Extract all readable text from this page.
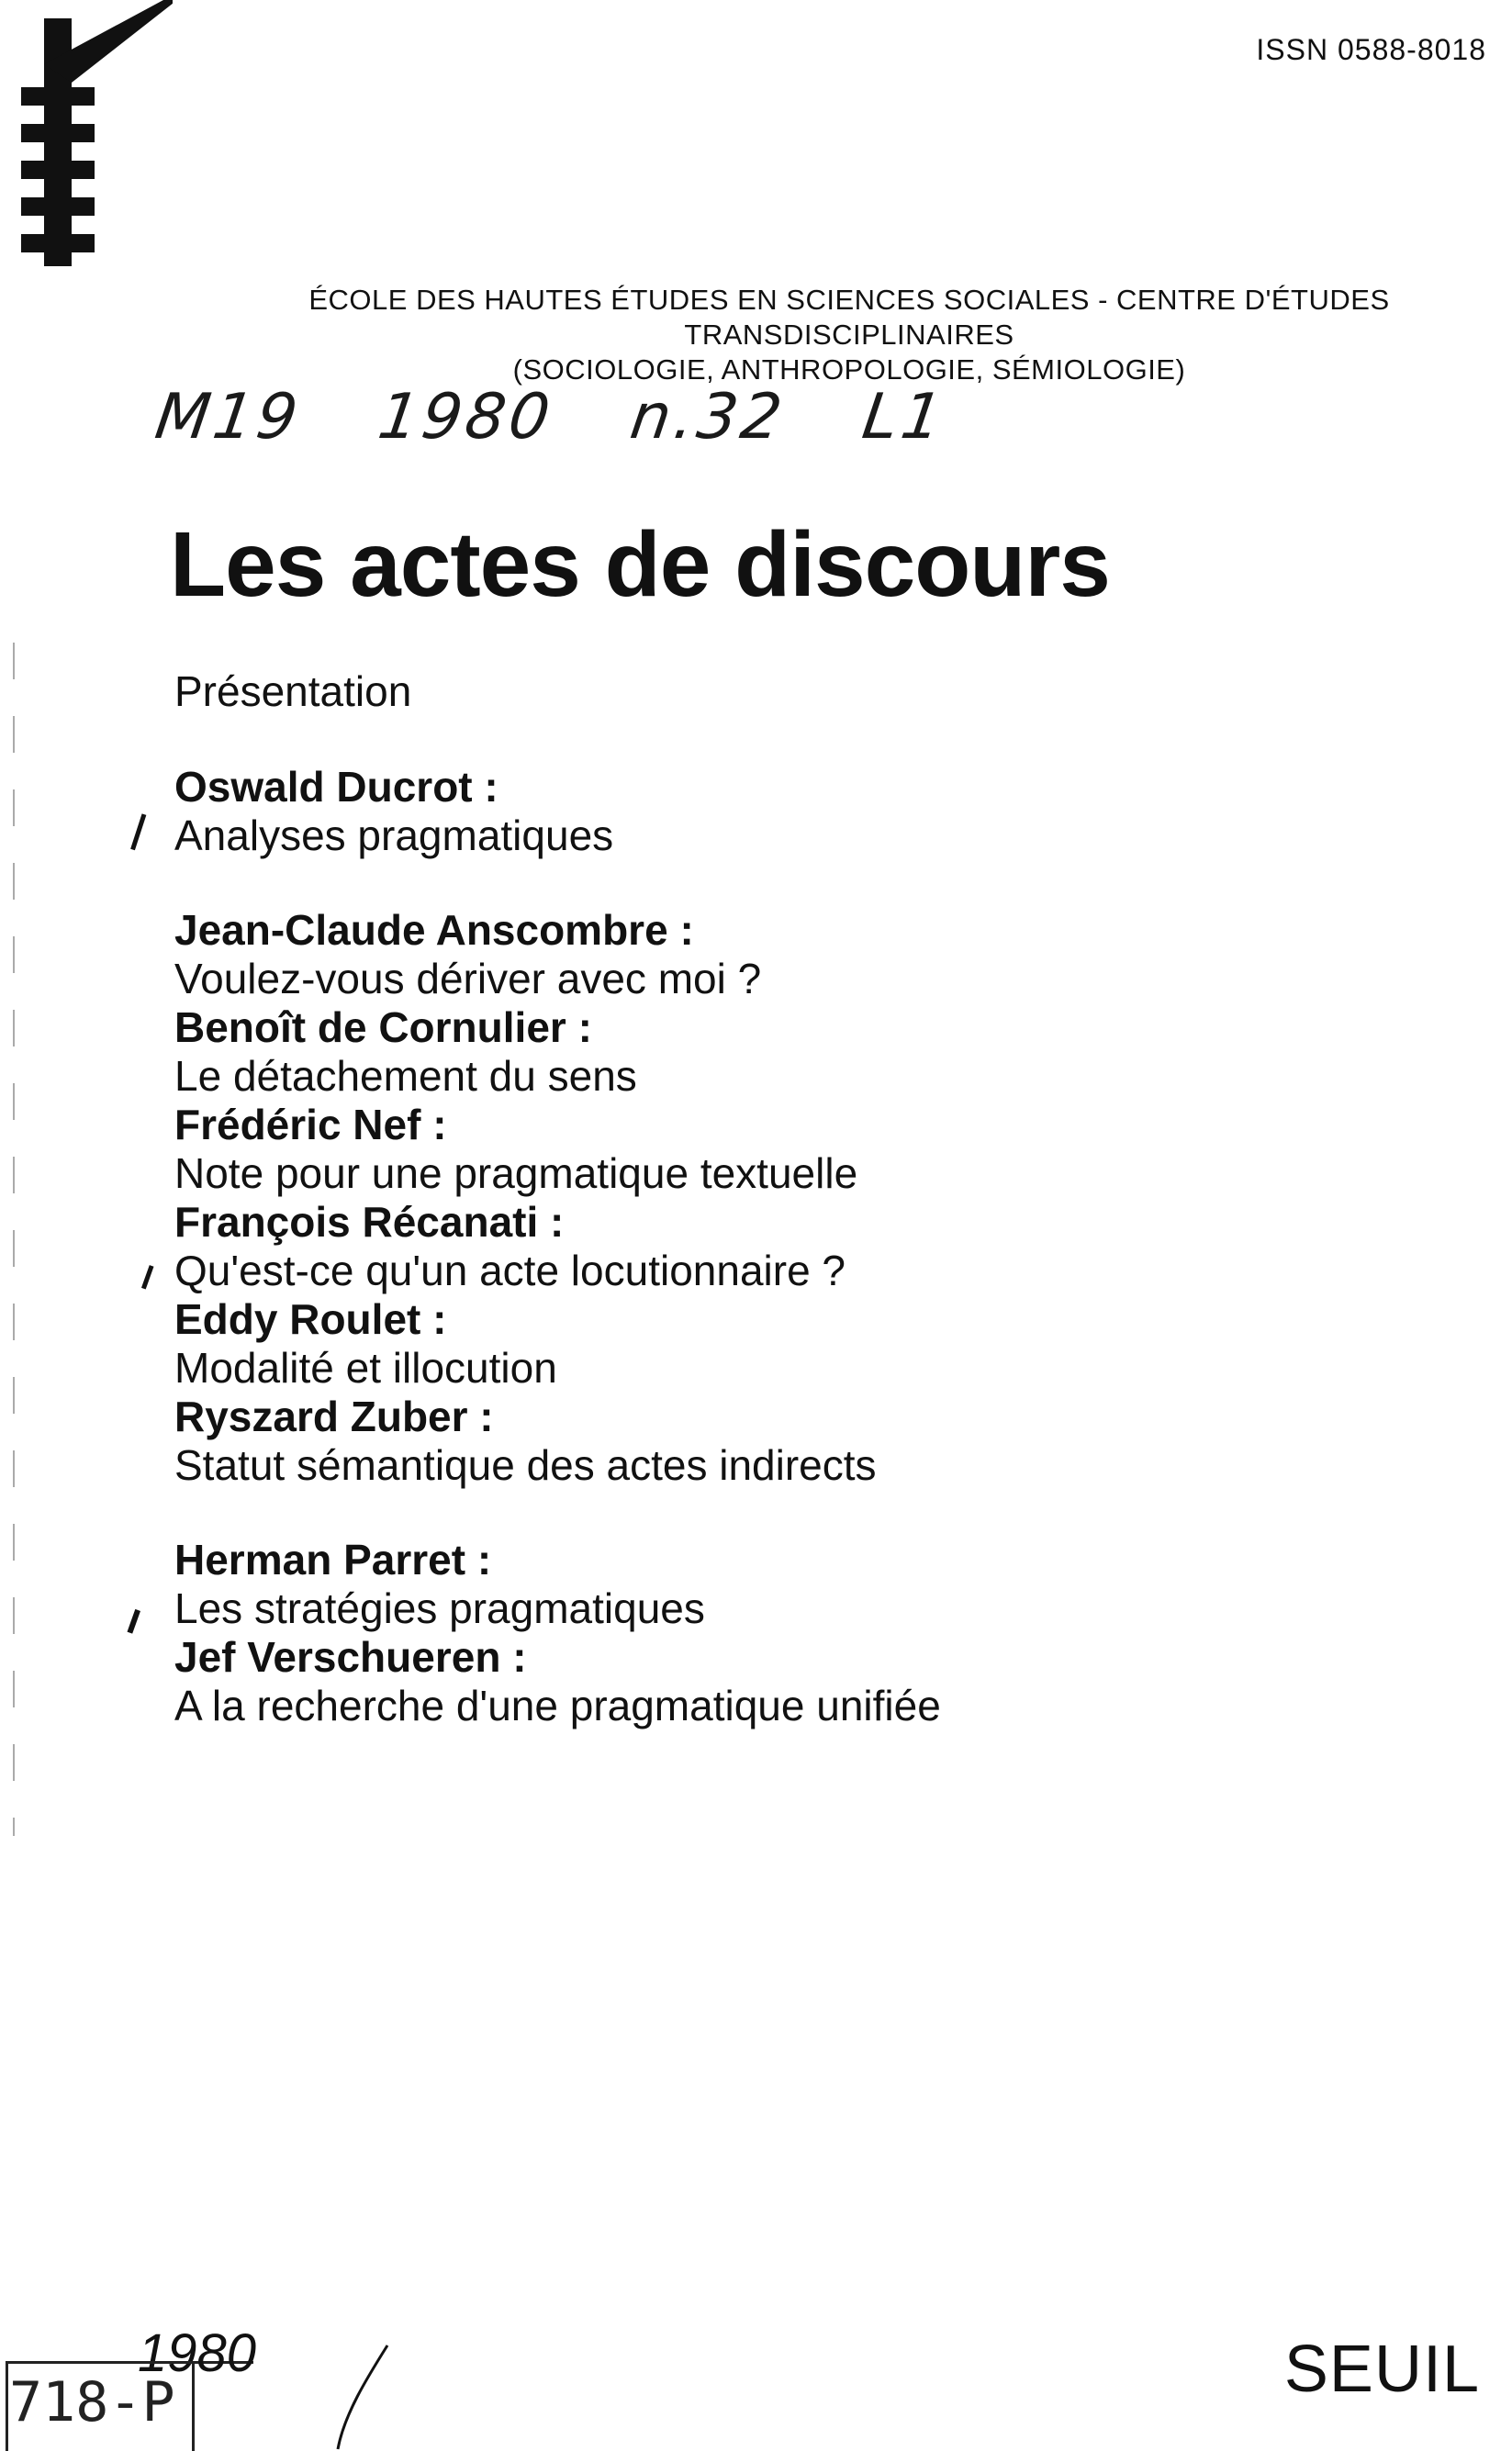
ISSN 0588-8018
ÉCOLE DES HAUTES ÉTUDES EN SCIENCES SOCIALES - CENTRE D'ÉTUDES TRANSDISCIPLINAIRES
(SOCIOLOGIE, ANTHROPOLOGIE, SÉMIOLOGIE)
M19 1980 n.32 L1
Les actes de discours
Présentation
Oswald Ducrot :
Analyses pragmatiques
Jean-Claude Anscombre :
Voulez-vous dériver avec moi ?
Benoît de Cornulier :
Le détachement du sens
Frédéric Nef :
Note pour une pragmatique textuelle
François Récanati :
Qu'est-ce qu'un acte locutionnaire ?
Eddy Roulet :
Modalité et illocution
Ryszard Zuber :
Statut sémantique des actes indirects
Herman Parret :
Les stratégies pragmatiques
Jef Verschueren :
A la recherche d'une pragmatique unifiée
1980
718-P	SEUIL
